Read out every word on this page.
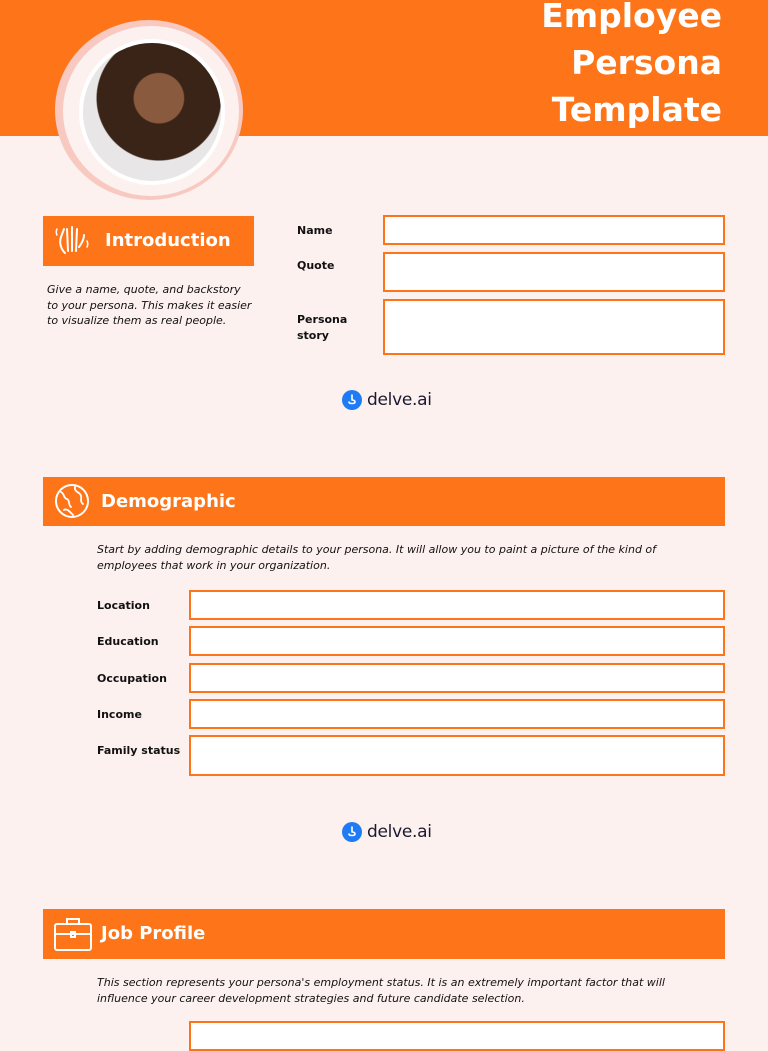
Employee
Persona
Template
Introduction

Give a name, quote, and backstory to your persona. This makes it easier to visualize them as real people.

Name
Quote
Persona story
delve.ai
Demographic

Start by adding demographic details to your persona. It will allow you to paint a picture of the kind of employees that work in your organization.

Location
Education
Occupation
Income
Family status
delve.ai
Job Profile

This section represents your persona's employment status. It is an extremely important factor that will influence your career development strategies and future candidate selection.
